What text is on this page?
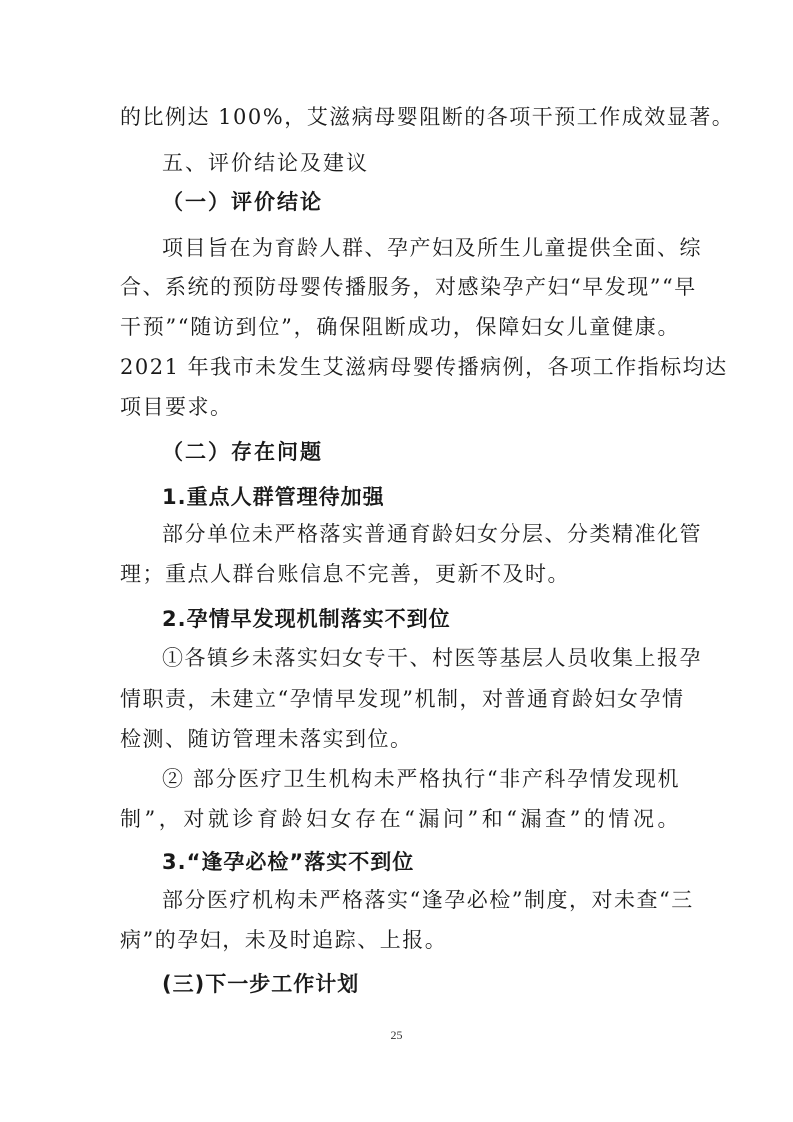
的比例达 100%，艾滋病母婴阻断的各项干预工作成效显著。
五、评价结论及建议
（一）评价结论
项目旨在为育龄人群、孕产妇及所生儿童提供全面、综
合、系统的预防母婴传播服务，对感染孕产妇“早发现”“早
干预”“随访到位”，确保阻断成功，保障妇女儿童健康。
2021 年我市未发生艾滋病母婴传播病例，各项工作指标均达
项目要求。
（二）存在问题
1.重点人群管理待加强
部分单位未严格落实普通育龄妇女分层、分类精准化管
理；重点人群台账信息不完善，更新不及时。
2.孕情早发现机制落实不到位
①各镇乡未落实妇女专干、村医等基层人员收集上报孕
情职责，未建立“孕情早发现”机制，对普通育龄妇女孕情
检测、随访管理未落实到位。
② 部分医疗卫生机构未严格执行“非产科孕情发现机
制”，对就诊育龄妇女存在“漏问”和“漏查”的情况。
3.“逢孕必检”落实不到位
部分医疗机构未严格落实“逢孕必检”制度，对未查“三
病”的孕妇，未及时追踪、上报。
(三)下一步工作计划
25
